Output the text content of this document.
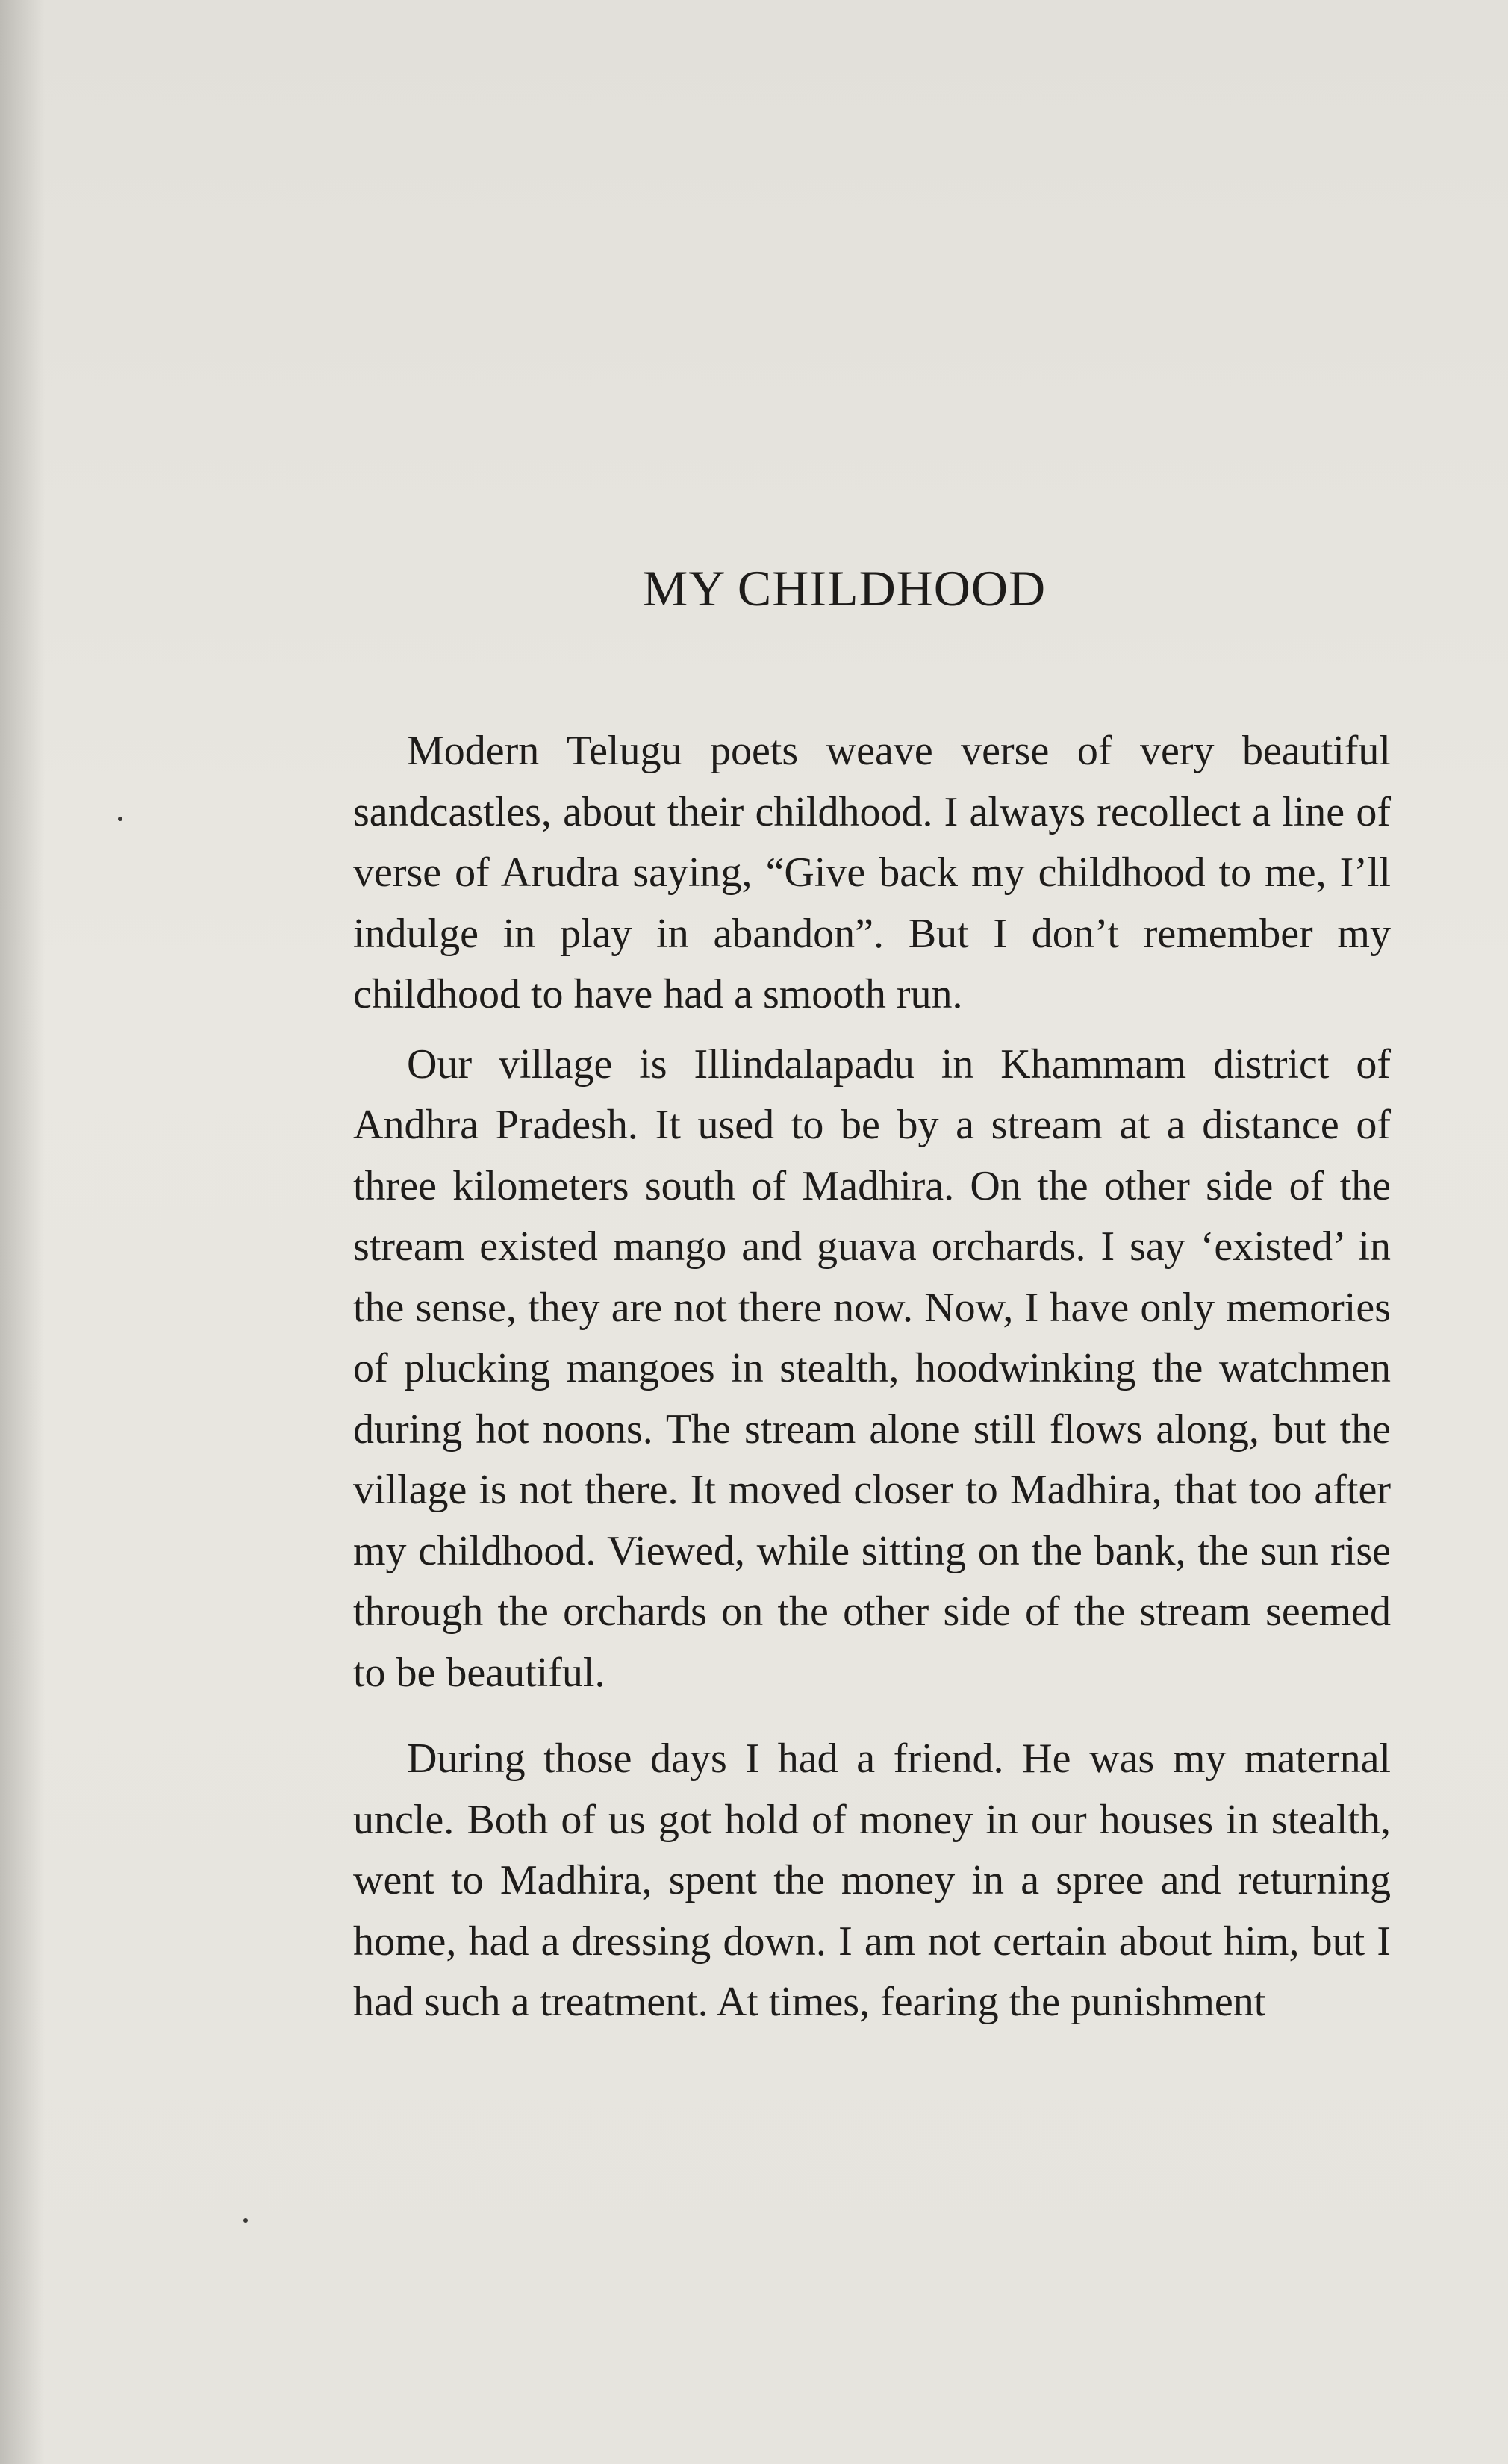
MY CHILDHOOD

Modern Telugu poets weave verse of very beautiful sandcastles, about their childhood. I always recollect a line of verse of Arudra saying, “Give back my childhood to me, I’ll indulge in play in abandon”. But I don’t remember my childhood to have had a smooth run.

Our village is Illindalapadu in Khammam district of Andhra Pradesh. It used to be by a stream at a distance of three kilometers south of Madhira. On the other side of the stream existed mango and guava orchards. I say ‘existed’ in the sense, they are not there now. Now, I have only memories of plucking mangoes in stealth, hoodwinking the watchmen during hot noons. The stream alone still flows along, but the village is not there. It moved closer to Madhira, that too after my childhood. Viewed, while sitting on the bank, the sun rise through the orchards on the other side of the stream seemed to be beautiful.

During those days I had a friend. He was my maternal uncle. Both of us got hold of money in our houses in stealth, went to Madhira, spent the money in a spree and returning home, had a dressing down. I am not certain about him, but I had such a treatment. At times, fearing the punishment
